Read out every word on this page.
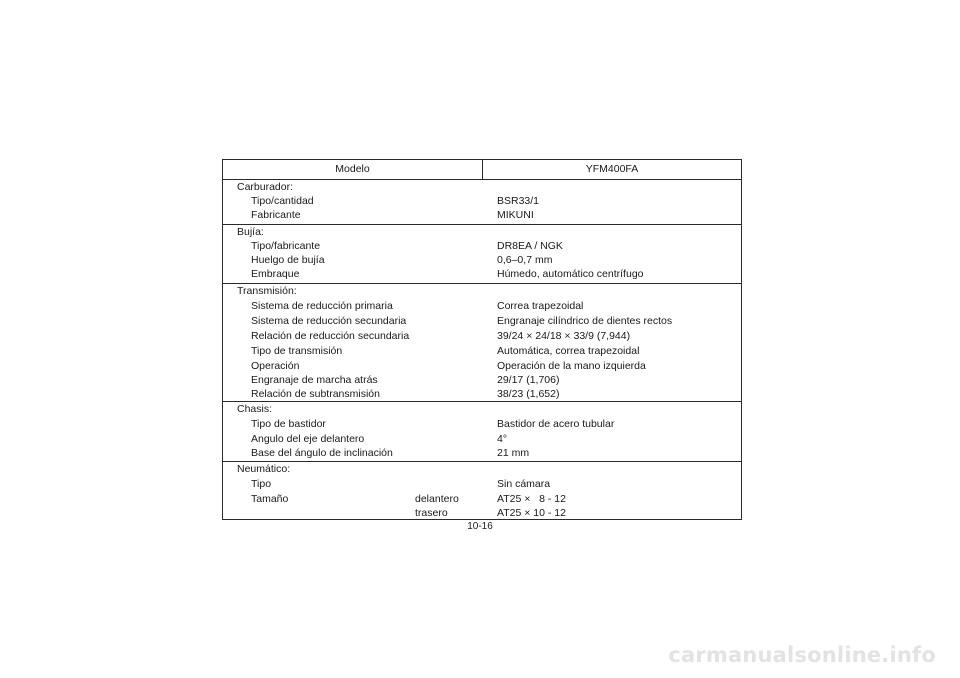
Modelo	YFM400FA
Carburador:
Tipo/cantidad	BSR33/1
Fabricante	MIKUNI
Bujía:
Tipo/fabricante	DR8EA / NGK
Huelgo de bujía	0,6–0,7 mm
Embraque	Húmedo, automático centrífugo
Transmisión:
Sistema de reducción primaria	Correa trapezoidal
Sistema de reducción secundaria	Engranaje cilíndrico de dientes rectos
Relación de reducción secundaria	39/24 × 24/18 × 33/9 (7,944)
Tipo de transmisión	Automática, correa trapezoidal
Operación	Operación de la mano izquierda
Engranaje de marcha atrás	29/17 (1,706)
Relación de subtransmisión	38/23 (1,652)
Chasis:
Tipo de bastidor	Bastidor de acero tubular
Angulo del eje delantero	4°
Base del ángulo de inclinación	21 mm
Neumático:
Tipo	Sin cámara
Tamaño	delantero	AT25 ×   8 - 12
trasero	AT25 × 10 - 12
10-16
carmanualsonline.info
